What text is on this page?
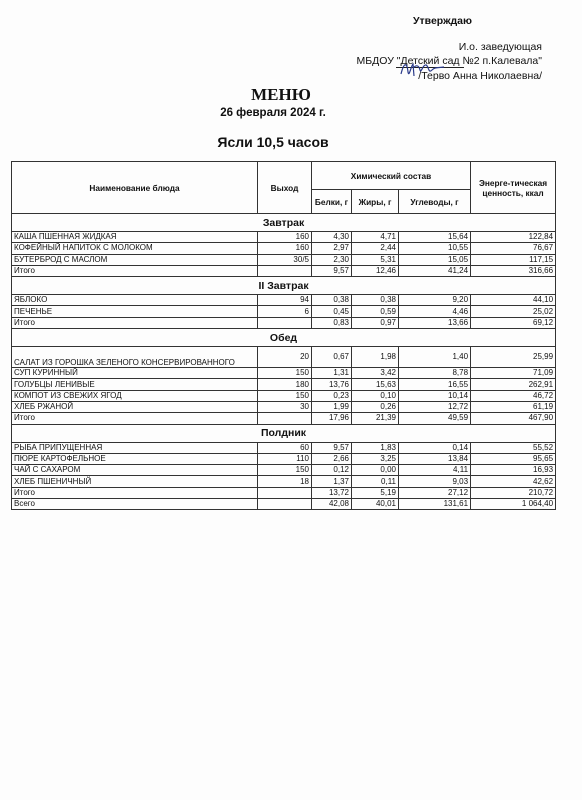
Утверждаю
И.о. заведующая
МБДОУ "Детский сад №2 п.Калевала"
/Терво Анна Николаевна/
МЕНЮ
26 февраля 2024 г.
Ясли 10,5 часов
Наименование блюда	Выход	Химический состав			Энерге-тическая ценность, ккал
		Белки, г	Жиры, г	Углеводы, г	
Завтрак					
КАША ПШЕННАЯ ЖИДКАЯ	160	4,30	4,71	15,64	122,84
КОФЕЙНЫЙ НАПИТОК С МОЛОКОМ	160	2,97	2,44	10,55	76,67
БУТЕРБРОД С МАСЛОМ	30/5	2,30	5,31	15,05	117,15
Итого		9,57	12,46	41,24	316,66
II Завтрак					
ЯБЛОКО	94	0,38	0,38	9,20	44,10
ПЕЧЕНЬЕ	6	0,45	0,59	4,46	25,02
Итого		0,83	0,97	13,66	69,12
Обед					
САЛАТ ИЗ ГОРОШКА ЗЕЛЕНОГО КОНСЕРВИРОВАННОГО	20	0,67	1,98	1,40	25,99
СУП КУРИННЫЙ	150	1,31	3,42	8,78	71,09
ГОЛУБЦЫ ЛЕНИВЫЕ	180	13,76	15,63	16,55	262,91
КОМПОТ ИЗ СВЕЖИХ ЯГОД	150	0,23	0,10	10,14	46,72
ХЛЕБ РЖАНОЙ	30	1,99	0,26	12,72	61,19
Итого		17,96	21,39	49,59	467,90
Полдник					
РЫБА ПРИПУЩЕННАЯ	60	9,57	1,83	0,14	55,52
ПЮРЕ КАРТОФЕЛЬНОЕ	110	2,66	3,25	13,84	95,65
ЧАЙ С САХАРОМ	150	0,12	0,00	4,11	16,93
ХЛЕБ ПШЕНИЧНЫЙ	18	1,37	0,11	9,03	42,62
Итого		13,72	5,19	27,12	210,72
Всего		42,08	40,01	131,61	1 064,40
